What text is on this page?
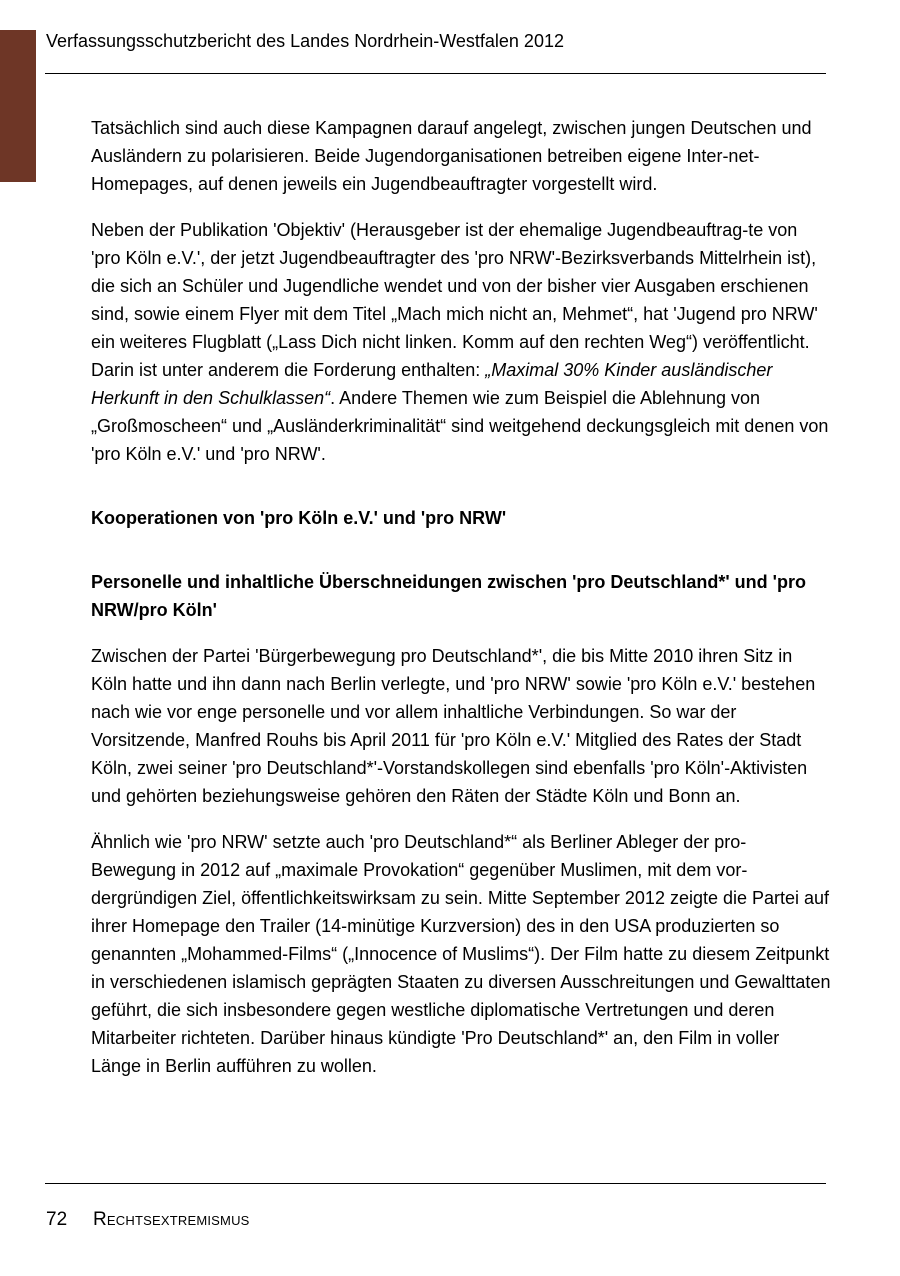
Verfassungsschutzbericht des Landes Nordrhein-Westfalen 2012

Tatsächlich sind auch diese Kampagnen darauf angelegt, zwischen jungen Deutschen und Ausländern zu polarisieren. Beide Jugendorganisationen betreiben eigene Inter-net-Homepages, auf denen jeweils ein Jugendbeauftragter vorgestellt wird.

Neben der Publikation 'Objektiv' (Herausgeber ist der ehemalige Jugendbeauftrag-te von 'pro Köln e.V.', der jetzt Jugendbeauftragter des 'pro NRW'-Bezirksverbands Mittelrhein ist), die sich an Schüler und Jugendliche wendet und von der bisher vier Ausgaben erschienen sind, sowie einem Flyer mit dem Titel „Mach mich nicht an, Mehmet“, hat 'Jugend pro NRW' ein weiteres Flugblatt („Lass Dich nicht linken. Komm auf den rechten Weg“) veröffentlicht. Darin ist unter anderem die Forderung enthalten: „Maximal 30% Kinder ausländischer Herkunft in den Schulklassen“. Andere Themen wie zum Beispiel die Ablehnung von „Großmoscheen“ und „Ausländerkriminalität“ sind weitgehend deckungsgleich mit denen von 'pro Köln e.V.' und 'pro NRW'.

Kooperationen von 'pro Köln e.V.' und 'pro NRW'

Personelle und inhaltliche Überschneidungen zwischen 'pro Deutschland*' und 'pro NRW/pro Köln'

Zwischen der Partei 'Bürgerbewegung pro Deutschland*', die bis Mitte 2010 ihren Sitz in Köln hatte und ihn dann nach Berlin verlegte, und 'pro NRW' sowie 'pro Köln e.V.' bestehen nach wie vor enge personelle und vor allem inhaltliche Verbindungen. So war der Vorsitzende, Manfred Rouhs bis April 2011 für 'pro Köln e.V.' Mitglied des Rates der Stadt Köln, zwei seiner 'pro Deutschland*'-Vorstandskollegen sind ebenfalls 'pro Köln'-Aktivisten und gehörten beziehungsweise gehören den Räten der Städte Köln und Bonn an.

Ähnlich wie 'pro NRW' setzte auch 'pro Deutschland*“ als Berliner Ableger der pro-Bewegung in 2012 auf „maximale Provokation“ gegenüber Muslimen, mit dem vor-dergründigen Ziel, öffentlichkeitswirksam zu sein. Mitte September 2012 zeigte die Partei auf ihrer Homepage den Trailer (14-minütige Kurzversion) des in den USA produzierten so genannten „Mohammed-Films“ („Innocence of Muslims“). Der Film hatte zu diesem Zeitpunkt in verschiedenen islamisch geprägten Staaten zu diversen Ausschreitungen und Gewalttaten geführt, die sich insbesondere gegen westliche diplomatische Vertretungen und deren Mitarbeiter richteten. Darüber hinaus kündigte 'Pro Deutschland*' an, den Film in voller Länge in Berlin aufführen zu wollen.

72 Rechtsextremismus
